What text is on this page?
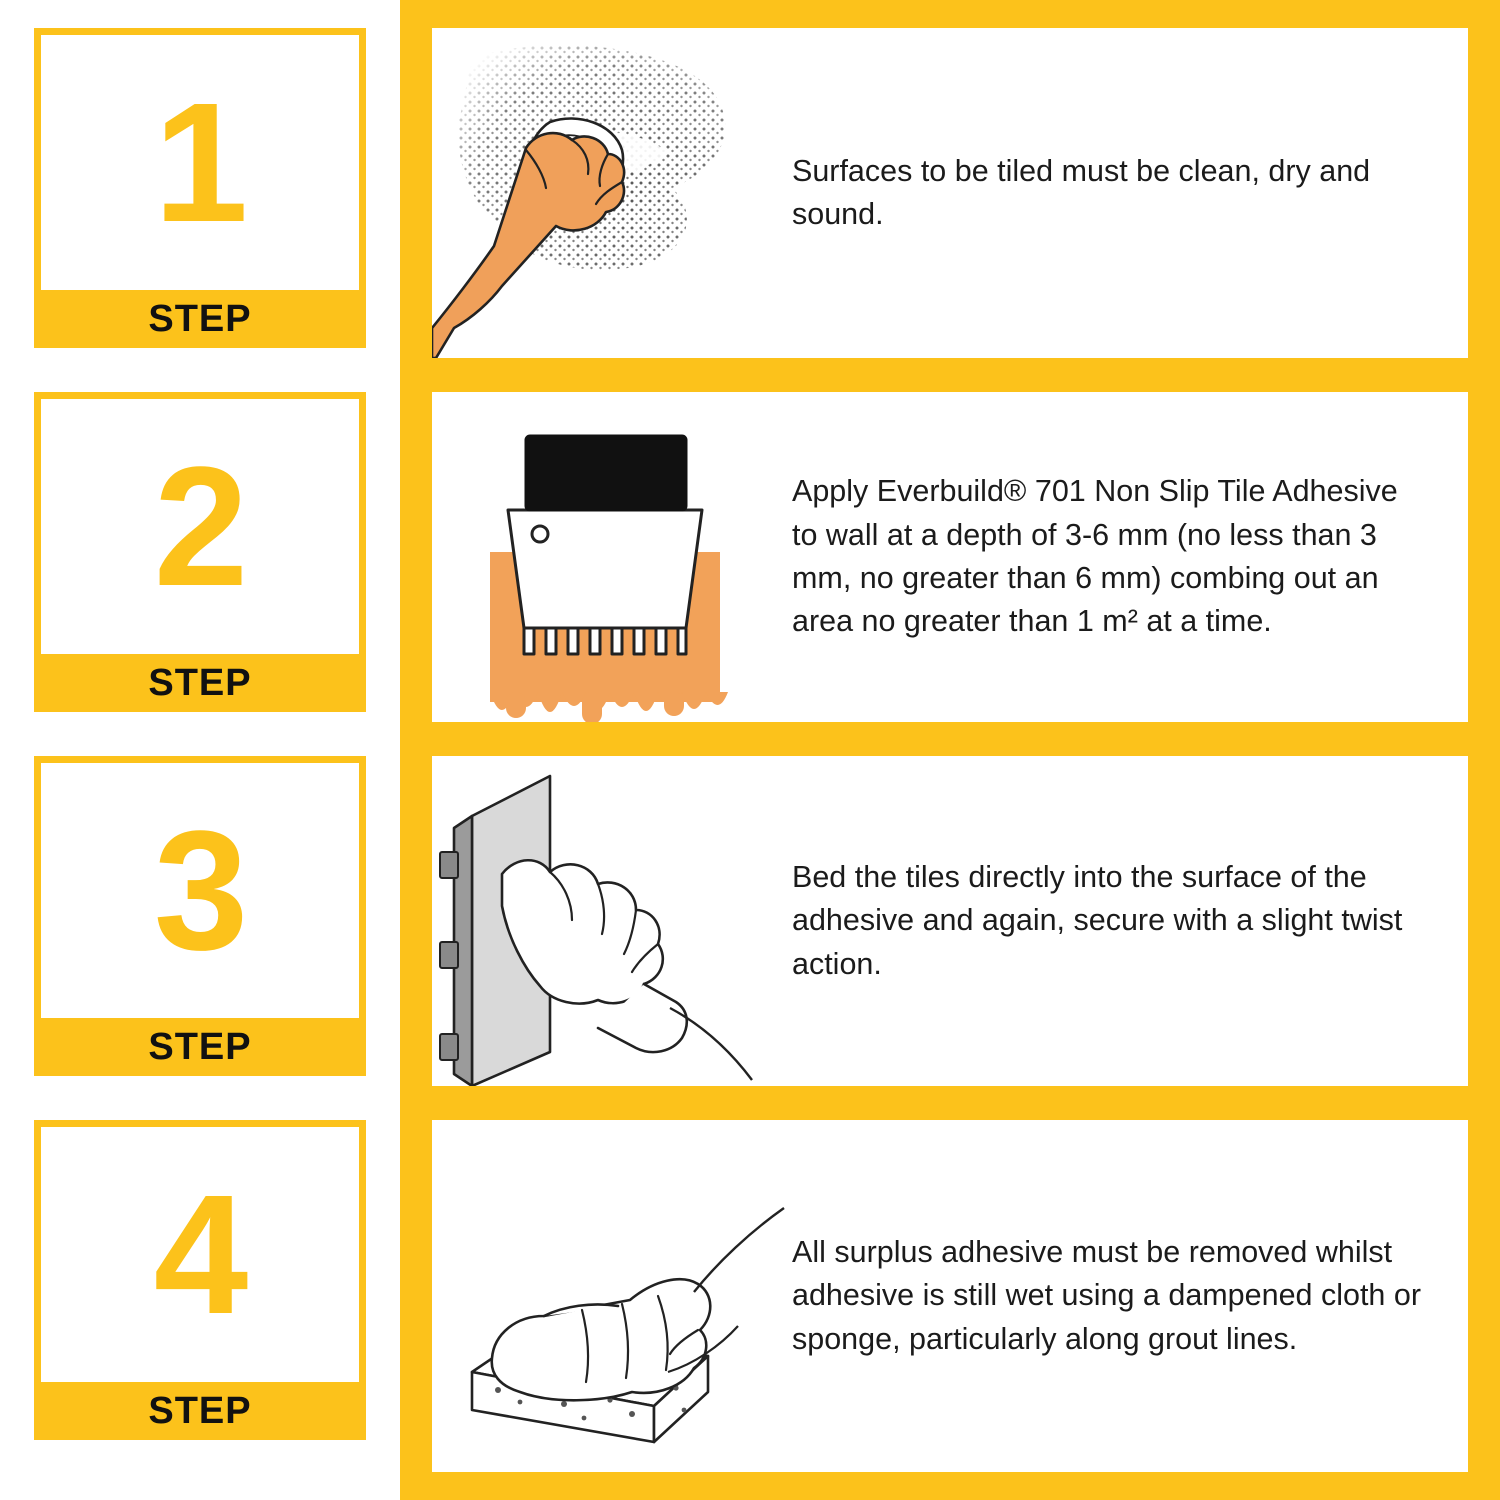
1
STEP
2
STEP
3
STEP
4
STEP
Surfaces to be tiled must be clean, dry and sound.
Apply Everbuild® 701 Non Slip Tile Adhesive to wall at a depth of 3-6 mm (no less than 3 mm, no greater than 6 mm) combing out an area no greater than 1 m² at a time.
Bed the tiles directly into the surface of the adhesive and again, secure with a slight twist action.
All surplus adhesive must be removed whilst adhesive is still wet using a dampened cloth or sponge, particularly along grout lines.
